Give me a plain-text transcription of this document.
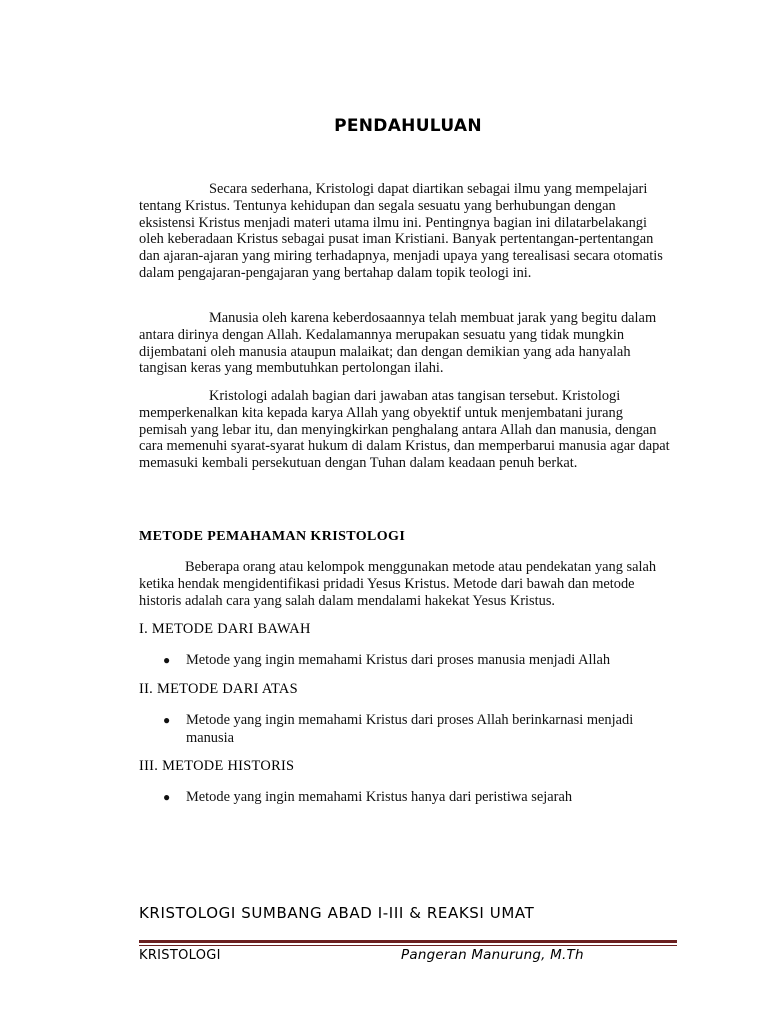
PENDAHULUAN

Secara sederhana, Kristologi dapat diartikan sebagai ilmu yang mempelajari tentang Kristus. Tentunya kehidupan dan segala sesuatu yang berhubungan dengan eksistensi Kristus menjadi materi utama ilmu ini. Pentingnya bagian ini dilatarbelakangi oleh keberadaan Kristus sebagai pusat iman Kristiani. Banyak pertentangan-pertentangan dan ajaran-ajaran yang miring terhadapnya, menjadi upaya yang terealisasi secara otomatis dalam pengajaran-pengajaran yang bertahap dalam topik teologi ini.

Manusia oleh karena keberdosaannya telah membuat jarak yang begitu dalam antara dirinya dengan Allah. Kedalamannya merupakan sesuatu yang tidak mungkin dijembatani oleh manusia ataupun malaikat; dan dengan demikian yang ada hanyalah tangisan keras yang membutuhkan pertolongan ilahi.

Kristologi adalah bagian dari jawaban atas tangisan tersebut. Kristologi memperkenalkan kita kepada karya Allah yang obyektif untuk menjembatani jurang pemisah yang lebar itu, dan menyingkirkan penghalang antara Allah dan manusia, dengan cara memenuhi syarat-syarat hukum di dalam Kristus, dan memperbarui manusia agar dapat memasuki kembali persekutuan dengan Tuhan dalam keadaan penuh berkat.

METODE PEMAHAMAN KRISTOLOGI

Beberapa orang atau kelompok menggunakan metode atau pendekatan yang salah ketika hendak mengidentifikasi pridadi Yesus Kristus. Metode dari bawah dan metode historis adalah cara yang salah dalam mendalami hakekat Yesus Kristus.

I. METODE DARI BAWAH
●	Metode yang ingin memahami Kristus dari proses manusia menjadi Allah
II. METODE DARI ATAS
●	Metode yang ingin memahami Kristus dari proses Allah berinkarnasi menjadi manusia
III. METODE HISTORIS
●	Metode yang ingin memahami Kristus hanya dari peristiwa sejarah
KRISTOLOGI SUMBANG ABAD I-III & REAKSI UMAT
KRISTOLOGI	Pangeran Manurung, M.Th
